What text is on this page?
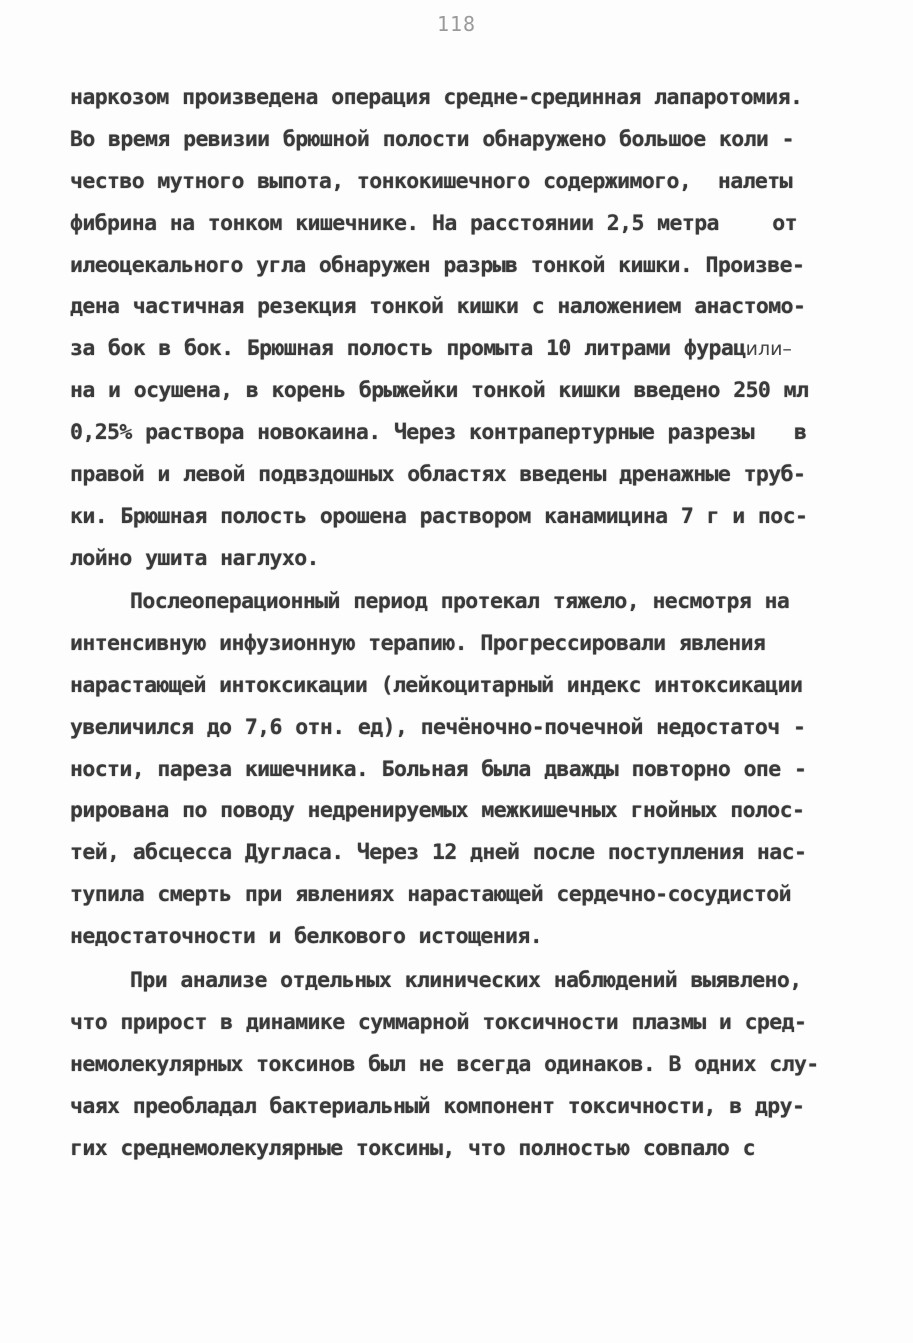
118
наркозом произведена операция средне-срединная лапаротомия.
Во время ревизии брюшной полости обнаружено большое коли -
чество мутного выпота, тонкокишечного содержимого,  налеты
фибрина на тонком кишечнике. На расстоянии 2,5 метра    от
илеоцекального угла обнаружен разрыв тонкой кишки. Произве-
дена частичная резекция тонкой кишки с наложением анастомо-
за бок в бок. Брюшная полость промыта 10 литрами фурацили–
на и осушена, в корень брыжейки тонкой кишки введено 250 мл
0,25% раствора новокаина. Через контрапертурные разрезы   в
правой и левой подвздошных областях введены дренажные труб-
ки. Брюшная полость орошена раствором канамицина 7 г и пос-
лойно ушита наглухо.
Послеоперационный период протекал тяжело, несмотря на
интенсивную инфузионную терапию. Прогрессировали явления
нарастающей интоксикации (лейкоцитарный индекс интоксикации
увеличился до 7,6 отн. ед), печёночно-почечной недостаточ -
ности, пареза кишечника. Больная была дважды повторно опе -
рирована по поводу недренируемых межкишечных гнойных полос-
тей, абсцесса Дугласа. Через 12 дней после поступления нас-
тупила смерть при явлениях нарастающей сердечно-сосудистой
недостаточности и белкового истощения.
При анализе отдельных клинических наблюдений выявлено,
что прирост в динамике суммарной токсичности плазмы и сред-
немолекулярных токсинов был не всегда одинаков. В одних слу-
чаях преобладал бактериальный компонент токсичности, в дру-
гих среднемолекулярные токсины, что полностью совпало с
